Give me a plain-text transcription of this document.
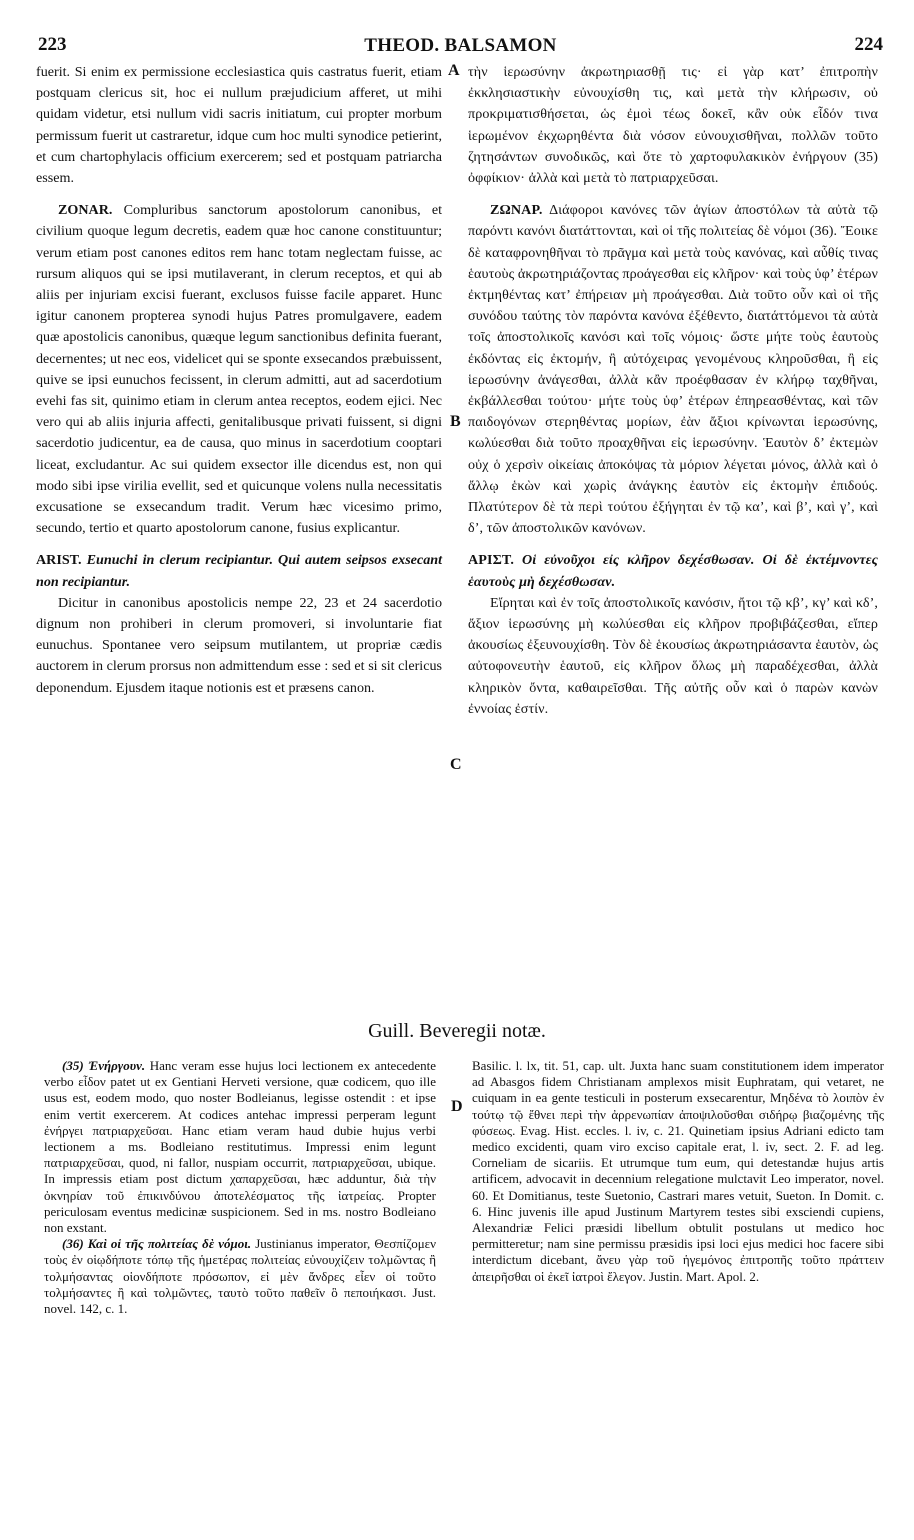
223	THEOD. BALSAMON	224
A
B
C
D

fuerit. Si enim ex permissione ecclesiastica quis castratus fuerit, etiam postquam clericus sit, hoc ei nullum præjudicium afferet, ut mihi quidam videtur, etsi nullum vidi sacris initiatum, cui propter morbum permissum fuerit ut castraretur, idque cum hoc multi synodice petierint, et cum chartophylacis officium exercerem; sed et postquam patriarcha essem.

ZONAR. Compluribus sanctorum apostolorum canonibus, et civilium quoque legum decretis, eadem quæ hoc canone constituuntur; verum etiam post canones editos rem hanc totam neglectam fuisse, ac rursum aliquos qui se ipsi mutilaverant, in clerum receptos, et qui ab aliis per injuriam excisi fuerant, exclusos fuisse facile apparet. Hunc igitur canonem propterea synodi hujus Patres promulgavere, eadem quæ apostolicis canonibus, quæque legum sanctionibus definita fuerant, decernentes; ut nec eos, videlicet qui se sponte exsecandos præbuissent, quive se ipsi eunuchos fecissent, in clerum admitti, aut ad sacerdotium evehi fas sit, quinimo etiam in clerum antea receptos, eodem ejici. Nec vero qui ab aliis injuria affecti, genitalibusque privati fuissent, si digni sacerdotio judicentur, ea de causa, quo minus in sacerdotium cooptari liceat, excludantur. Ac sui quidem exsector ille dicendus est, non qui modo sibi ipse virilia evellit, sed et quicunque volens nulla necessitatis excusatione se exsecandum tradit. Verum hæc vicesimo primo, secundo, tertio et quarto apostolorum canone, fusius explicantur.

ARIST. Eunuchi in clerum recipiantur. Qui autem seipsos exsecant non recipiantur.

Dicitur in canonibus apostolicis nempe 22, 23 et 24 sacerdotio dignum non prohiberi in clerum promoveri, si involuntarie fiat eunuchus. Spontanee vero seipsum mutilantem, ut propriæ cædis auctorem in clerum prorsus non admittendum esse : sed et si sit clericus deponendum. Ejusdem itaque notionis est et præsens canon.

τὴν ἱερωσύνην ἀκρωτηριασθῇ τις· εἰ γὰρ κατ’ ἐπιτροπὴν ἐκκλησιαστικὴν εὐνουχίσθη τις, καὶ μετὰ τὴν κλήρωσιν, οὐ προκριματισθήσεται, ὡς ἐμοὶ τέως δοκεῖ, κἂν οὐκ εἶδόν τινα ἱερωμένον ἐκχωρηθέντα διὰ νόσον εὐνουχισθῆναι, πολλῶν τοῦτο ζητησάντων συνοδικῶς, καὶ ὅτε τὸ χαρτοφυλακικὸν ἐνήργουν (35) ὀφφίκιον· ἀλλὰ καὶ μετὰ τὸ πατριαρχεῦσαι.

ΖΩΝΑΡ. Διάφοροι κανόνες τῶν ἁγίων ἀποστόλων τὰ αὐτὰ τῷ παρόντι κανόνι διατάττονται, καὶ οἱ τῆς πολιτείας δὲ νόμοι (36). Ἔοικε δὲ καταφρονηθῆναι τὸ πρᾶγμα καὶ μετὰ τοὺς κανόνας, καὶ αὖθίς τινας ἑαυτοὺς ἀκρωτηριάζοντας προάγεσθαι εἰς κλῆρον· καὶ τοὺς ὑφ’ ἑτέρων ἐκτμηθέντας κατ’ ἐπήρειαν μὴ προάγεσθαι. Διὰ τοῦτο οὖν καὶ οἱ τῆς συνόδου ταύτης τὸν παρόντα κανόνα ἐξέθεντο, διατάττόμενοι τὰ αὐτὰ τοῖς ἀποστολικοῖς κανόσι καὶ τοῖς νόμοις· ὥστε μήτε τοὺς ἑαυτοὺς ἐκδόντας εἰς ἐκτομήν, ἢ αὐτόχειρας γενομένους κληροῦσθαι, ἢ εἰς ἱερωσύνην ἀνάγεσθαι, ἀλλὰ κἂν προέφθασαν ἐν κλήρῳ ταχθῆναι, ἐκβάλλεσθαι τούτου· μήτε τοὺς ὑφ’ ἑτέρων ἐπηρεασθέντας, καὶ τῶν παιδογόνων στερηθέντας μορίων, ἐὰν ἄξιοι κρίνωνται ἱερωσύνης, κωλύεσθαι διὰ τοῦτο προαχθῆναι εἰς ἱερωσύνην. Ἑαυτὸν δ’ ἐκτεμὼν οὐχ ὁ χερσὶν οἰκείαις ἀποκόψας τὰ μόριον λέγεται μόνος, ἀλλὰ καὶ ὁ ἄλλῳ ἑκὼν καὶ χωρὶς ἀνάγκης ἑαυτὸν εἰς ἐκτομὴν ἐπιδούς. Πλατύτερον δὲ τὰ περὶ τούτου ἐξήγηται ἐν τῷ κα’, καὶ β’, καὶ γ’, καὶ δ’, τῶν ἀποστολικῶν κανόνων.

ΑΡΙΣΤ. Οἱ εὐνοῦχοι εἰς κλῆρον δεχέσθωσαν. Οἱ δὲ ἐκτέμνοντες ἑαυτοὺς μὴ δεχέσθωσαν.

Εἴρηται καὶ ἐν τοῖς ἀποστολικοῖς κανόσιν, ἤτοι τῷ κβ’, κγ’ καὶ κδ’, ἄξιον ἱερωσύνης μὴ κωλύεσθαι εἰς κλῆρον προβιβάζεσθαι, εἴπερ ἀκουσίως ἐξευνουχίσθη. Τὸν δὲ ἑκουσίως ἀκρωτηριάσαντα ἑαυτὸν, ὡς αὐτοφονευτὴν ἑαυτοῦ, εἰς κλῆρον ὅλως μὴ παραδέχεσθαι, ἀλλὰ κληρικὸν ὄντα, καθαιρεῖσθαι. Τῆς αὐτῆς οὖν καὶ ὁ παρὼν κανὼν ἐννοίας ἐστίν.

Guill. Beveregii notæ.

(35) Ἐνήργουν. Hanc veram esse hujus loci lectionem ex antecedente verbo εἶδον patet ut ex Gentiani Herveti versione, quæ codicem, quo ille usus est, eodem modo, quo noster Bodleianus, legisse ostendit : et ipse enim vertit exercerem. At codices antehac impressi perperam legunt ἐνήργει πατριαρχεῦσαι. Hanc etiam veram haud dubie hujus verbi lectionem a ms. Bodleiano restitutimus. Impressi enim legunt πατριαρχεῦσαι, quod, ni fallor, nuspiam occurrit, πατριαρχεῦσαι, ubique. In impressis etiam post dictum χαπαρχεῦσαι, hæc adduntur, διὰ τὴν ὀκνηρίαν τοῦ ἐπικινδύνου ἀποτελέσματος τῆς ἰατρείας. Propter periculosam eventus medicinæ suspicionem. Sed in ms. nostro Bodleiano non exstant.

(36) Καὶ οἱ τῆς πολιτείας δὲ νόμοι. Justinianus imperator, Θεσπίζομεν τοὺς ἐν οἱῳδήποτε τόπῳ τῆς ἡμετέρας πολιτείας εὐνουχίζειν τολμῶντας ἢ τολμήσαντας οἱονδήποτε πρόσωπον, εἰ μὲν ἄνδρες εἶεν οἱ τοῦτο τολμήσαντες ἢ καὶ τολμῶντες, ταυτὸ τοῦτο παθεῖν ὃ πεποιήκασι. Just. novel. 142, c. 1.

Basilic. l. lx, tit. 51, cap. ult. Juxta hanc suam constitutionem idem imperator ad Abasgos fidem Christianam amplexos misit Euphratam, qui vetaret, ne cuiquam in ea gente testiculi in posterum exsecarentur, Μηδένα τὸ λοιπὸν ἐν τούτῳ τῷ ἔθνει περὶ τὴν ἀρρενωπίαν ἀποψιλοῦσθαι σιδήρῳ βιαζομένης τῆς φύσεως. Evag. Hist. eccles. l. iv, c. 21. Quinetiam ipsius Adriani edicto tam medico excidenti, quam viro exciso capitale erat, l. iv, sect. 2. F. ad leg. Corneliam de sicariis. Et utrumque tum eum, qui detestandæ hujus artis artificem, advocavit in decennium relegatione mulctavit Leo imperator, novel. 60. Et Domitianus, teste Suetonio, Castrari mares vetuit, Sueton. In Domit. c. 6. Hinc juvenis ille apud Justinum Martyrem testes sibi exsciendi cupiens, Alexandriæ Felici præsidi libellum obtulit postulans ut medico hoc permitteretur; nam sine permissu præsidis ipsi loci ejus medici hoc facere sibi interdictum dicebant, ἄνευ γὰρ τοῦ ἡγεμόνος ἐπιτροπῆς τοῦτο πράττειν ἀπειρῆσθαι οἱ ἐκεῖ ἰατροὶ ἔλεγον. Justin. Mart. Apol. 2.
